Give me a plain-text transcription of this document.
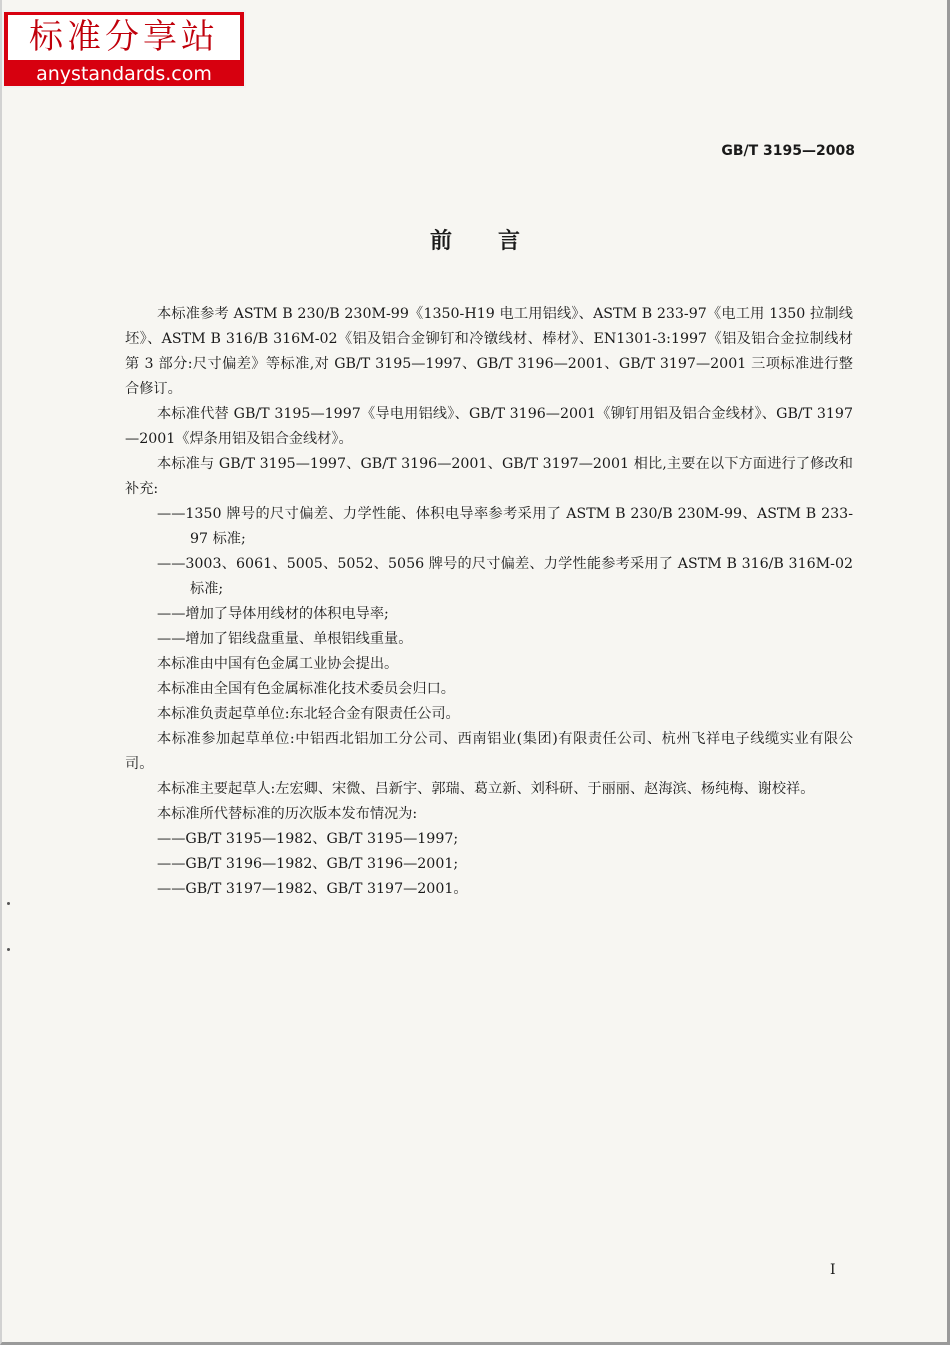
标准分享站
anystandards.com
GB/T 3195—2008
前言

本标准参考 ASTM B 230/B 230M-99《1350-H19 电工用铝线》、ASTM B 233-97《电工用 1350 拉制线坯》、ASTM B 316/B 316M-02《铝及铝合金铆钉和冷镦线材、棒材》、EN1301-3:1997《铝及铝合金拉制线材　第 3 部分:尺寸偏差》等标准,对 GB/T 3195—1997、GB/T 3196—2001、GB/T 3197—2001 三项标准进行整合修订。

本标准代替 GB/T 3195—1997《导电用铝线》、GB/T 3196—2001《铆钉用铝及铝合金线材》、GB/T 3197—2001《焊条用铝及铝合金线材》。

本标准与 GB/T 3195—1997、GB/T 3196—2001、GB/T 3197—2001 相比,主要在以下方面进行了修改和补充:

——1350 牌号的尺寸偏差、力学性能、体积电导率参考采用了 ASTM B 230/B 230M-99、ASTM B 233-97 标准;

——3003、6061、5005、5052、5056 牌号的尺寸偏差、力学性能参考采用了 ASTM B 316/B 316M-02 标准;

——增加了导体用线材的体积电导率;

——增加了铝线盘重量、单根铝线重量。

本标准由中国有色金属工业协会提出。

本标准由全国有色金属标准化技术委员会归口。

本标准负责起草单位:东北轻合金有限责任公司。

本标准参加起草单位:中铝西北铝加工分公司、西南铝业(集团)有限责任公司、杭州飞祥电子线缆实业有限公司。

本标准主要起草人:左宏卿、宋微、吕新宇、郭瑞、葛立新、刘科研、于丽丽、赵海滨、杨纯梅、谢校祥。

本标准所代替标准的历次版本发布情况为:

——GB/T 3195—1982、GB/T 3195—1997;

——GB/T 3196—1982、GB/T 3196—2001;

——GB/T 3197—1982、GB/T 3197—2001。

I
